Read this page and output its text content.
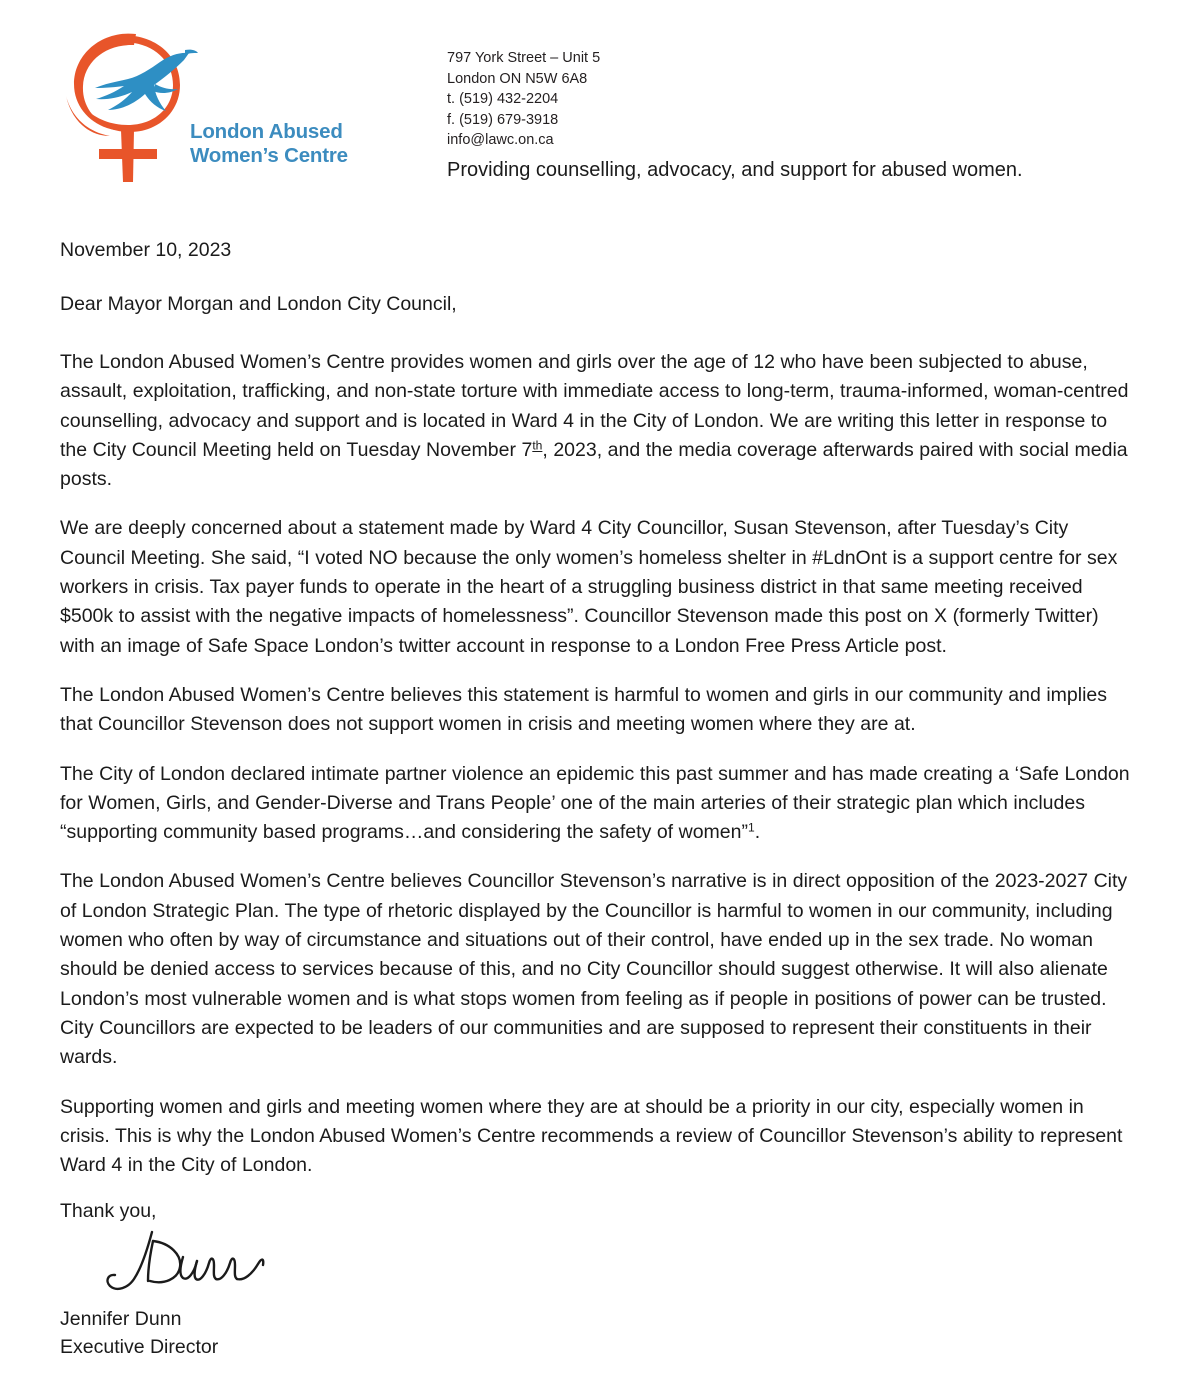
London Abused
Women’s Centre
797 York Street – Unit 5
London ON N5W 6A8
t. (519) 432-2204
f. (519) 679-3918
info@lawc.on.ca
Providing counselling, advocacy, and support for abused women.

November 10, 2023

Dear Mayor Morgan and London City Council,

The London Abused Women’s Centre provides women and girls over the age of 12 who have been subjected to abuse, assault, exploitation, trafficking, and non-state torture with immediate access to long-term, trauma-informed, woman-centred counselling, advocacy and support and is located in Ward 4 in the City of London. We are writing this letter in response to the City Council Meeting held on Tuesday November 7th, 2023, and the media coverage afterwards paired with social media posts.

We are deeply concerned about a statement made by Ward 4 City Councillor, Susan Stevenson, after Tuesday’s City Council Meeting. She said, “I voted NO because the only women’s homeless shelter in #LdnOnt is a support centre for sex workers in crisis. Tax payer funds to operate in the heart of a struggling business district in that same meeting received $500k to assist with the negative impacts of homelessness”. Councillor Stevenson made this post on X (formerly Twitter) with an image of Safe Space London’s twitter account in response to a London Free Press Article post.

The London Abused Women’s Centre believes this statement is harmful to women and girls in our community and implies that Councillor Stevenson does not support women in crisis and meeting women where they are at.

The City of London declared intimate partner violence an epidemic this past summer and has made creating a ‘Safe London for Women, Girls, and Gender-Diverse and Trans People’ one of the main arteries of their strategic plan which includes “supporting community based programs…and considering the safety of women”$^1$.

The London Abused Women’s Centre believes Councillor Stevenson’s narrative is in direct opposition of the 2023-2027 City of London Strategic Plan. The type of rhetoric displayed by the Councillor is harmful to women in our community, including women who often by way of circumstance and situations out of their control, have ended up in the sex trade. No woman should be denied access to services because of this, and no City Councillor should suggest otherwise. It will also alienate London’s most vulnerable women and is what stops women from feeling as if people in positions of power can be trusted. City Councillors are expected to be leaders of our communities and are supposed to represent their constituents in their wards.

Supporting women and girls and meeting women where they are at should be a priority in our city, especially women in crisis. This is why the London Abused Women’s Centre recommends a review of Councillor Stevenson’s ability to represent Ward 4 in the City of London.

Thank you,

Jennifer Dunn

Executive Director
